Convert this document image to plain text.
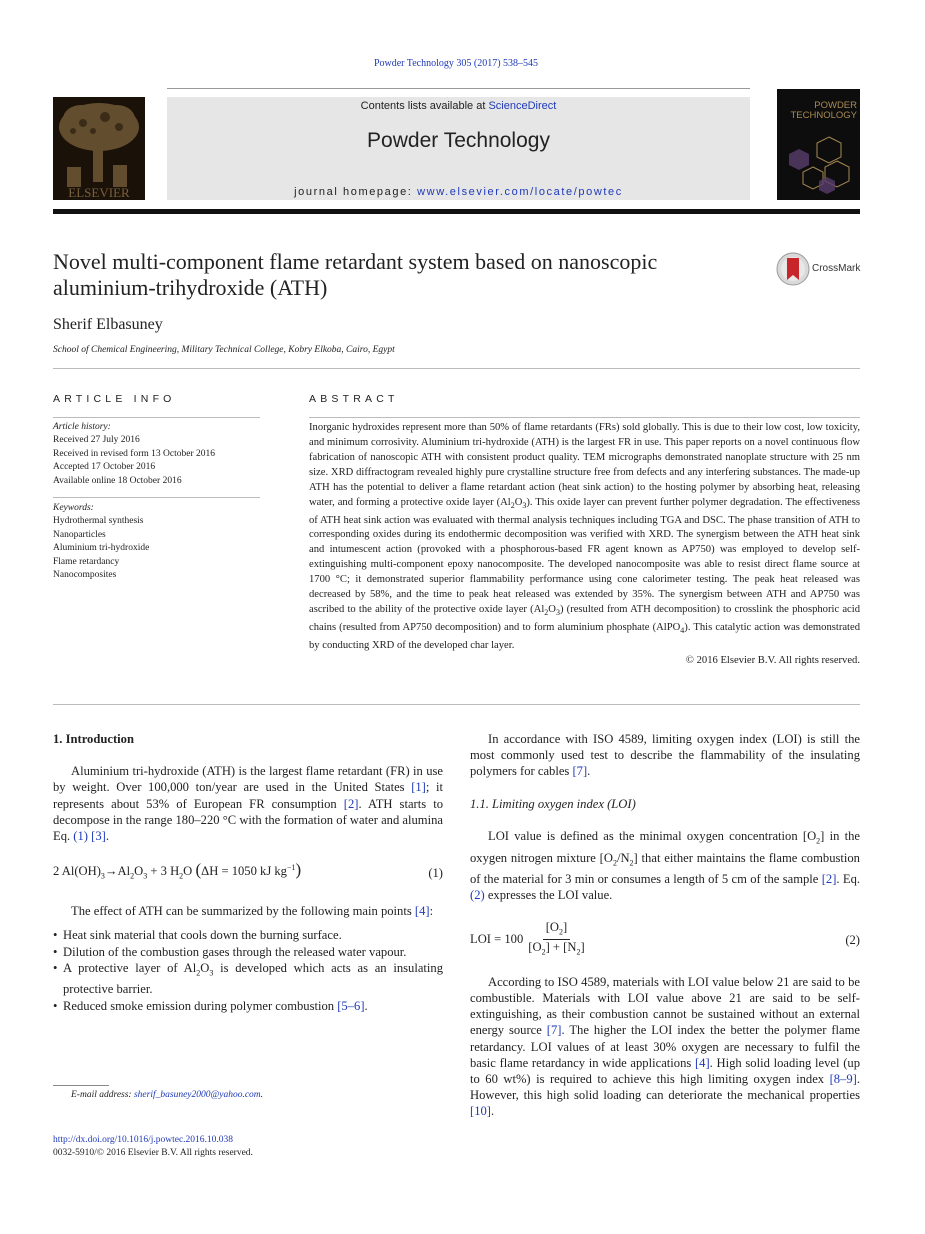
Powder Technology 305 (2017) 538–545
ELSEVIER
Contents lists available at ScienceDirect
Powder Technology
journal homepage: www.elsevier.com/locate/powtec
POWDER TECHNOLOGY
Novel multi-component flame retardant system based on nanoscopic aluminium-trihydroxide (ATH)
CrossMark
Sherif Elbasuney
School of Chemical Engineering, Military Technical College, Kobry Elkoba, Cairo, Egypt
ARTICLE INFO	ABSTRACT
Article history:
Received 27 July 2016
Received in revised form 13 October 2016
Accepted 17 October 2016
Available online 18 October 2016
Keywords:
Hydrothermal synthesis
Nanoparticles
Aluminium tri-hydroxide
Flame retardancy
Nanocomposites
Inorganic hydroxides represent more than 50% of flame retardants (FRs) sold globally. This is due to their low cost, low toxicity, and minimum corrosivity. Aluminium tri-hydroxide (ATH) is the largest FR in use. This paper reports on a novel continuous flow fabrication of nanoscopic ATH with consistent product quality. TEM micrographs demonstrated nanoplate structure with 25 nm size. XRD diffractogram revealed highly pure crystalline structure free from defects and any interfering substances. The made-up ATH has the potential to deliver a flame retardant action (heat sink action) to the hosting polymer by absorbing heat, releasing water, and forming a protective oxide layer $(Al_2O_3)$. This oxide layer can prevent further polymer degradation. The effectiveness of ATH heat sink action was evaluated with thermal analysis techniques including TGA and DSC. The phase transition of ATH to corresponding oxides during its endothermic decomposition was verified with XRD. The synergism between the ATH heat sink and intumescent action (provoked with a phosphorous-based FR agent known as AP750) was employed to develop self-extinguishing multi-component epoxy nanocomposite. The developed nanocomposite was able to resist direct flame source at 1700 °C; it demonstrated superior flammability performance using cone calorimeter testing. The peak heat released was decreased by 58%, and the time to peak heat released was extended by 35%. The synergism between ATH and AP750 was ascribed to the ability of the protective oxide layer $(Al_2O_3)$ (resulted from ATH decomposition) to crosslink the phosphoric acid chains (resulted from AP750 decomposition) and to form aluminium phosphate (AlPO$_4$). This catalytic action was demonstrated by conducting XRD of the developed char layer.
© 2016 Elsevier B.V. All rights reserved.
1. Introduction

Aluminium tri-hydroxide (ATH) is the largest flame retardant (FR) in use by weight. Over 100,000 ton/year are used in the United States [1]; it represents about 53% of European FR consumption [2]. ATH starts to decompose in the range 180–220 °C with the formation of water and alumina Eq. (1) [3].

2 $Al(OH)_3\to Al_2O_3 + 3$ $H_2O$ (ΔH = 1050 kJ $kg^{-1}$)	(1)

The effect of ATH can be summarized by the following main points [4]:

• Heat sink material that cools down the burning surface.
• Dilution of the combustion gases through the released water vapour.
• A protective layer of $Al_2O_3$ is developed which acts as an insulating protective barrier.
• Reduced smoke emission during polymer combustion [5–6].
E-mail address: sherif_basuney2000@yahoo.com.

In accordance with ISO 4589, limiting oxygen index (LOI) is still the most commonly used test to describe the flammability of the insulating polymers for cables [7].

1.1. Limiting oxygen index (LOI)

LOI value is defined as the minimal oxygen concentration $[O_2]$ in the oxygen nitrogen mixture $[O_2/N_2]$ that either maintains the flame combustion of the material for 3 min or consumes a length of 5 cm of the sample [2]. Eq. (2) expresses the LOI value.

LOI = $100 \frac{[O_2]}{[O_2] + [N_2]}$	(2)

According to ISO 4589, materials with LOI value below 21 are said to be combustible. Materials with LOI value above 21 are said to be self-extinguishing, as their combustion cannot be sustained without an external energy source [7]. The higher the LOI index the better the polymer flame retardancy. LOI values of at least 30% oxygen are necessary to fulfil the basic flame retardancy in wide applications [4]. High solid loading level (up to 60 wt%) is required to achieve this high limiting oxygen index [8–9]. However, this high solid loading can deteriorate the mechanical properties [10].

http://dx.doi.org/10.1016/j.powtec.2016.10.038
0032-5910/© 2016 Elsevier B.V. All rights reserved.
